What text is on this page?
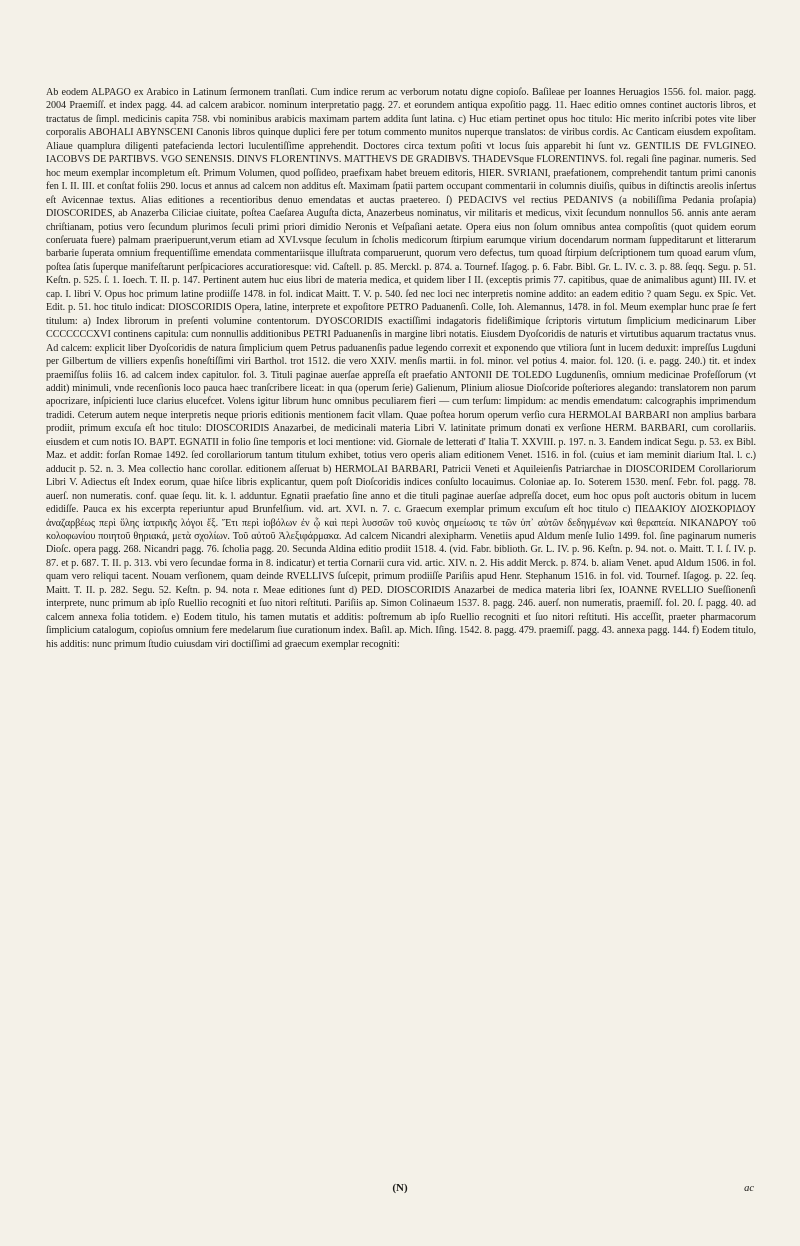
Ab eodem ALPAGO ex Arabico in Latinum ſermonem tranſlati. Cum indice rerum ac verborum notatu digne copioſo. Baſileae per Ioannes Heruagios 1556. fol. maior. pagg. 2004 Praemiſſ. et index pagg. 44. ad calcem arabicor. nominum interpretatio pagg. 27. et eorundem antiqua expoſitio pagg. 11. Haec editio omnes continet auctoris libros, et tractatus de ſimpl. medicinis capita 758. vbi nominibus arabicis maximam partem addita ſunt latina. c) Huc etiam pertinet opus hoc titulo: Hic merito inſcribi potes vite liber corporalis ABOHALI ABYNSCENI Canonis libros quinque duplici fere per totum commento munitos nuperque translatos: de viribus cordis. Ac Canticam eiusdem expoſitam. Aliaue quamplura diligenti patefacienda lectori luculentiſſime apprehendit. Doctores circa textum poſiti vt locus ſuis apparebit hi ſunt vz. GENTILIS DE FVLGINEO. IACOBVS DE PARTIBVS. VGO SENENSIS. DINVS FLORENTINVS. MATTHEVS DE GRADIBVS. THADEVSque FLORENTINVS. fol. regali ſine paginar. numeris. Sed hoc meum exemplar incompletum eſt. Primum Volumen, quod poſſideo, praefixam habet breuem editoris, HIER. SVRIANI, praefationem, comprehendit tantum primi canonis fen I. II. III. et conſtat foliis 290. locus et annus ad calcem non additus eſt. Maximam ſpatii partem occupant commentarii in columnis diuiſis, quibus in diſtinctis areolis inſertus eſt Avicennae textus. Alias editiones a recentioribus denuo emendatas et auctas praetereo. ſ) PEDACIVS vel rectius PEDANIVS (a nobiliſſima Pedania proſapia) DIOSCORIDES, ab Anazerba Ciliciae ciuitate, poſtea Caeſarea Auguſta dicta, Anazerbeus nominatus, vir militaris et medicus, vixit ſecundum nonnullos 56. annis ante aeram chriſtianam, potius vero ſecundum plurimos ſeculi primi priori dimidio Neronis et Veſpaſiani aetate. Opera eius non ſolum omnibus antea compoſitis (quot quidem eorum conſeruata fuere) palmam praeripuerunt,verum etiam ad XVI.vsque ſeculum in ſcholis medicorum ſtirpium earumque virium docendarum normam ſuppeditarunt et litterarum barbarie ſuperata omnium frequentiſſime emendata commentariisque illuſtrata comparuerunt, quorum vero defectus, tum quoad ſtirpium deſcriptionem tum quoad earum vſum, poſtea ſatis ſuperque manifeſtarunt perſpicaciores accuratioresque: vid. Caſtell. p. 85. Merckl. p. 874. a. Tournef. Iſagog. p. 6. Fabr. Bibl. Gr. L. IV. c. 3. p. 88. ſeqq. Segu. p. 51. Keſtn. p. 525. ſ. 1. Ioech. T. II. p. 147. Pertinent autem huc eius libri de materia medica, et quidem liber I II. (exceptis primis 77. capitibus, quae de animalibus agunt) III. IV. et cap. I. libri V. Opus hoc primum latine prodiiſſe 1478. in fol. indicat Maitt. T. V. p. 540. ſed nec loci nec interpretis nomine addito: an eadem editio ? quam Segu. ex Spic. Vet. Edit. p. 51. hoc titulo indicat: DIOSCORIDIS Opera, latine, interprete et expoſitore PETRO Paduanenſi. Colle, Ioh. Alemannus, 1478. in fol. Meum exemplar hunc prae ſe fert titulum: a) Index librorum in preſenti volumine contentorum. DYOSCORIDIS exactiſſimi indagatoris fidelißimique ſcriptoris virtutum ſimplicium medicinarum Liber CCCCCCCXVI continens capitula: cum nonnullis additionibus PETRI Paduanenſis in margine libri notatis. Eiusdem Dyoſcoridis de naturis et virtutibus aquarum tractatus vnus. Ad calcem: explicit liber Dyoſcoridis de natura ſimplicium quem Petrus paduanenſis padue legendo correxit et exponendo que vtiliora ſunt in lucem deduxit: impreſſus Lugduni per Gilbertum de villiers expenſis honeſtiſſimi viri Barthol. trot 1512. die vero XXIV. menſis martii. in fol. minor. vel potius 4. maior. fol. 120. (i. e. pagg. 240.) tit. et index praemiſſus foliis 16. ad calcem index capitulor. fol. 3. Tituli paginae auerſae appreſſa eſt praefatio ANTONII DE TOLEDO Lugdunenſis, omnium medicinae Profeſſorum (vt addit) minimuli, vnde recenſionis loco pauca haec tranſcribere liceat: in qua (operum ſerie) Galienum, Plinium aliosue Dioſcoride poſteriores alegando: translatorem non parum apocrizare, inſpicienti luce clarius elucefcet. Volens igitur librum hunc omnibus peculiarem fieri — cum terſum: limpidum: ac mendis emendatum: calcographis imprimendum tradidi. Ceterum autem neque interpretis neque prioris editionis mentionem facit vllam. Quae poſtea horum operum verſio cura HERMOLAI BARBARI non amplius barbara prodiit, primum excuſa eſt hoc titulo: DIOSCORIDIS Anazarbei, de medicinali materia Libri V. latinitate primum donati ex verſione HERM. BARBARI, cum corollariis. eiusdem et cum notis IO. BAPT. EGNATII in folio ſine temporis et loci mentione: vid. Giornale de letterati d' Italia T. XXVIII. p. 197. n. 3. Eandem indicat Segu. p. 53. ex Bibl. Maz. et addit: forſan Romae 1492. ſed corollariorum tantum titulum exhibet, totius vero operis aliam editionem Venet. 1516. in fol. (cuius et iam meminit diarium Ital. l. c.) adducit p. 52. n. 3. Mea collectio hanc corollar. editionem aſſeruat b) HERMOLAI BARBARI, Patricii Veneti et Aquileienſis Patriarchae in DIOSCORIDEM Corollariorum Libri V. Adiectus eſt Index eorum, quae hiſce libris explicantur, quem poſt Dioſcoridis indices conſulto locauimus. Coloniae ap. Io. Soterem 1530. menſ. Febr. fol. pagg. 78. auerſ. non numeratis. conf. quae ſequ. lit. k. l. adduntur. Egnatii praefatio ſine anno et die tituli paginae auerſae adpreſſa docet, eum hoc opus poſt auctoris obitum in lucem edidiſſe. Pauca ex his excerpta reperiuntur apud Brunfelſium. vid. art. XVI. n. 7. c. Graecum exemplar primum excuſum eſt hoc titulo c) ΠΕΔΑΚΙΟΥ ΔΙΟΣΚΟΡΙΔΟΥ ἀναζαρβέως περὶ ὕλης ἰατρικῆς λόγοι ἕξ. Ἔτι περὶ ἰοβόλων ἐν ᾧ καὶ περὶ λυσσῶν τοῦ κυνὸς σημείωσις τε τῶν ὑπ᾽ αὐτῶν δεδηγμένων καὶ θεραπεία. NIKANΔΡΟΥ τοῦ κολοφωνίου ποιητοῦ θηριακά, μετὰ σχολίων. Τοῦ αὐτοῦ Ἀλεξιφάρμακα. Ad calcem Nicandri alexipharm. Venetiis apud Aldum menſe Iulio 1499. fol. ſine paginarum numeris Dioſc. opera pagg. 268. Nicandri pagg. 76. ſcholia pagg. 20. Secunda Aldina editio prodiit 1518. 4. (vid. Fabr. biblioth. Gr. L. IV. p. 96. Keſtn. p. 94. not. o. Maitt. T. I. ſ. IV. p. 87. et p. 687. T. II. p. 313. vbi vero ſecundae forma in 8. indicatur) et tertia Cornarii cura vid. artic. XIV. n. 2. His addit Merck. p. 874. b. aliam Venet. apud Aldum 1506. in fol. quam vero reliqui tacent. Nouam verſionem, quam deinde RVELLIVS ſuſcepit, primum prodiiſſe Pariſiis apud Henr. Stephanum 1516. in fol. vid. Tournef. Iſagog. p. 22. ſeq. Maitt. T. II. p. 282. Segu. 52. Keſtn. p. 94. nota r. Meae editiones ſunt d) PED. DIOSCORIDIS Anazarbei de medica materia libri ſex, IOANNE RVELLIO Sueſſionenſi interprete, nunc primum ab ipſo Ruellio recogniti et ſuo nitori reſtituti. Pariſiis ap. Simon Colinaeum 1537. 8. pagg. 246. auerſ. non numeratis, praemiſſ. fol. 20. ſ. pagg. 40. ad calcem annexa folia totidem. e) Eodem titulo, his tamen mutatis et additis: poſtremum ab ipſo Ruellio recogniti et ſuo nitori reſtituti. His acceſſit, praeter pharmacorum ſimplicium catalogum, copioſus omnium fere medelarum ſiue curationum index. Baſil. ap. Mich. Iſing. 1542. 8. pagg. 479. praemiſſ. pagg. 43. annexa pagg. 144. f) Eodem titulo, his additis: nunc primum ſtudio cuiusdam viri doctiſſimi ad graecum exemplar recogniti:

(N)	ac
